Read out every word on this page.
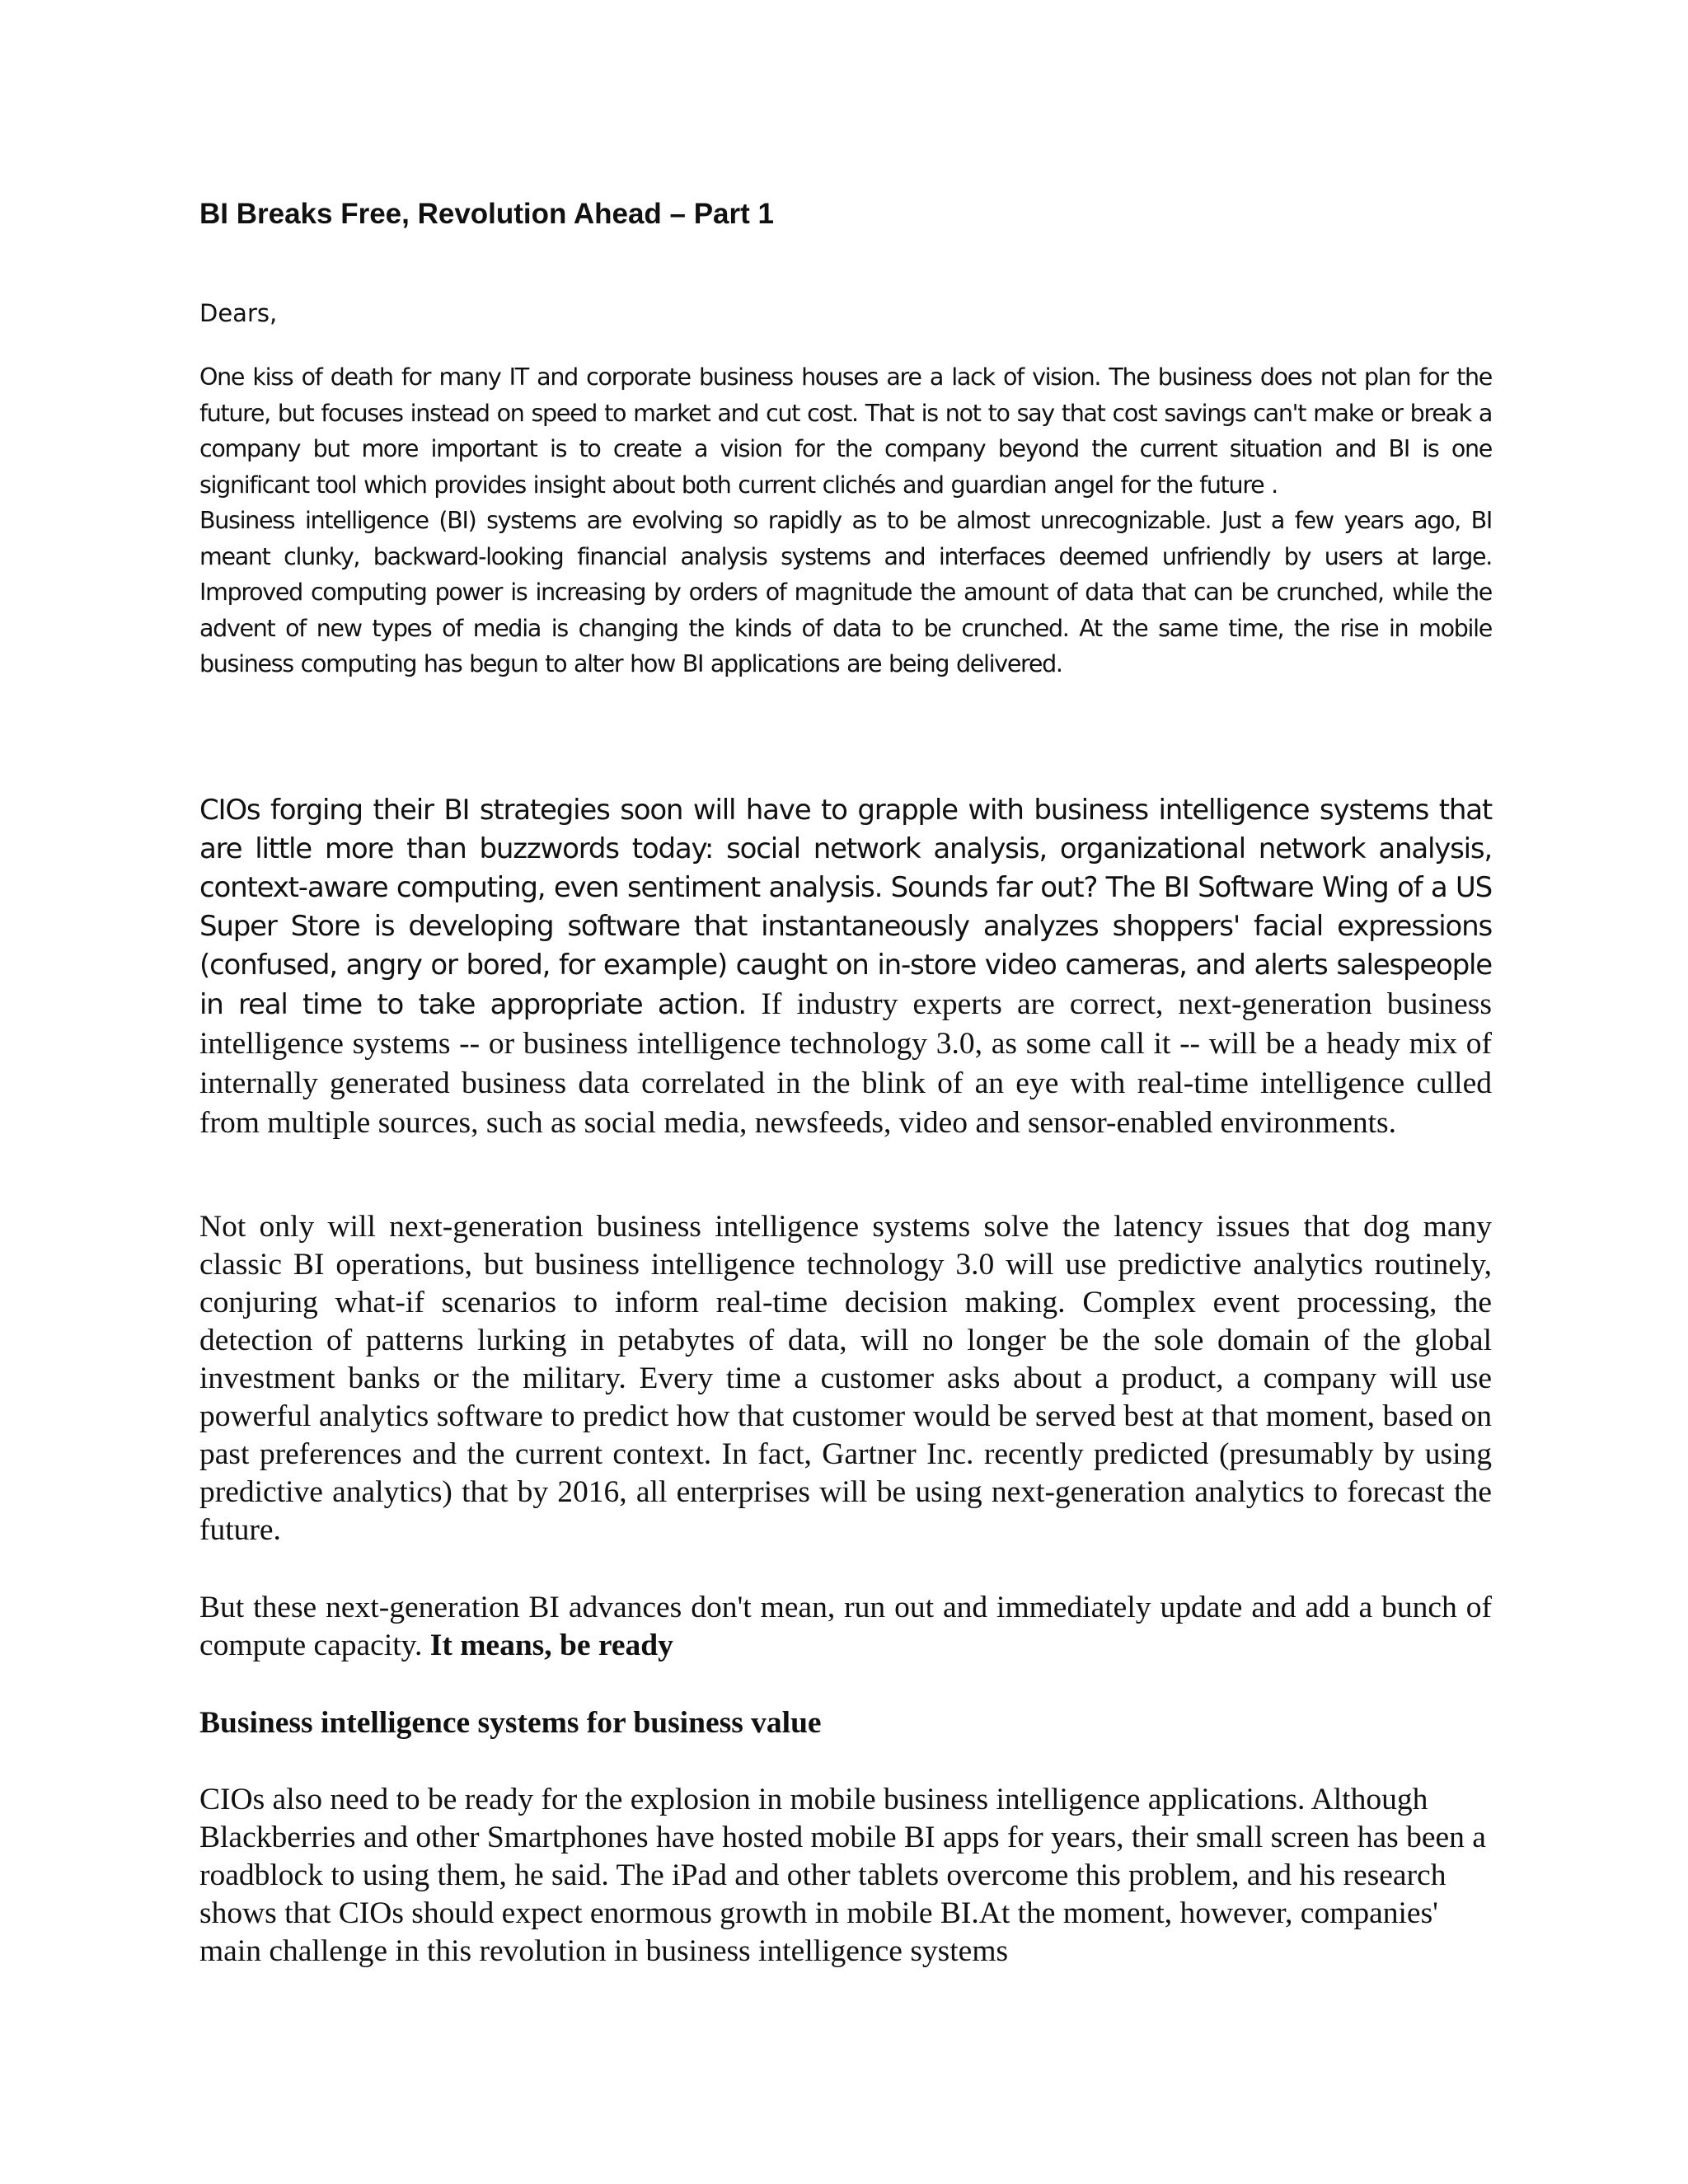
BI Breaks Free, Revolution Ahead – Part 1

Dears,

One kiss of death for many IT and corporate business houses are a lack of vision. The business does not plan for the future, but focuses instead on speed to market and cut cost. That is not to say that cost savings can't make or break a company but more important is to create a vision for the company beyond the current situation and BI is one significant tool which provides insight about both current clichés and guardian angel for the future .
Business intelligence (BI) systems are evolving so rapidly as to be almost unrecognizable. Just a few years ago, BI meant clunky, backward-looking financial analysis systems and interfaces deemed unfriendly by users at large. Improved computing power is increasing by orders of magnitude the amount of data that can be crunched, while the advent of new types of media is changing the kinds of data to be crunched. At the same time, the rise in mobile business computing has begun to alter how BI applications are being delivered.

CIOs forging their BI strategies soon will have to grapple with business intelligence systems that are little more than buzzwords today: social network analysis, organizational network analysis, context-aware computing, even sentiment analysis. Sounds far out? The BI Software Wing of a US Super Store is developing software that instantaneously analyzes shoppers' facial expressions (confused, angry or bored, for example) caught on in-store video cameras, and alerts salespeople in real time to take appropriate action. If industry experts are correct, next-generation business intelligence systems -- or business intelligence technology 3.0, as some call it -- will be a heady mix of internally generated business data correlated in the blink of an eye with real-time intelligence culled from multiple sources, such as social media, newsfeeds, video and sensor-enabled environments.

Not only will next-generation business intelligence systems solve the latency issues that dog many classic BI operations, but business intelligence technology 3.0 will use predictive analytics routinely, conjuring what-if scenarios to inform real-time decision making. Complex event processing, the detection of patterns lurking in petabytes of data, will no longer be the sole domain of the global investment banks or the military. Every time a customer asks about a product, a company will use powerful analytics software to predict how that customer would be served best at that moment, based on past preferences and the current context. In fact, Gartner Inc. recently predicted (presumably by using predictive analytics) that by 2016, all enterprises will be using next-generation analytics to forecast the future.

But these next-generation BI advances don't mean, run out and immediately update and add a bunch of compute capacity. It means, be ready

Business intelligence systems for business value

CIOs also need to be ready for the explosion in mobile business intelligence applications. Although Blackberries and other Smartphones have hosted mobile BI apps for years, their small screen has been a roadblock to using them, he said. The iPad and other tablets overcome this problem, and his research shows that CIOs should expect enormous growth in mobile BI.At the moment, however, companies' main challenge in this revolution in business intelligence systems
